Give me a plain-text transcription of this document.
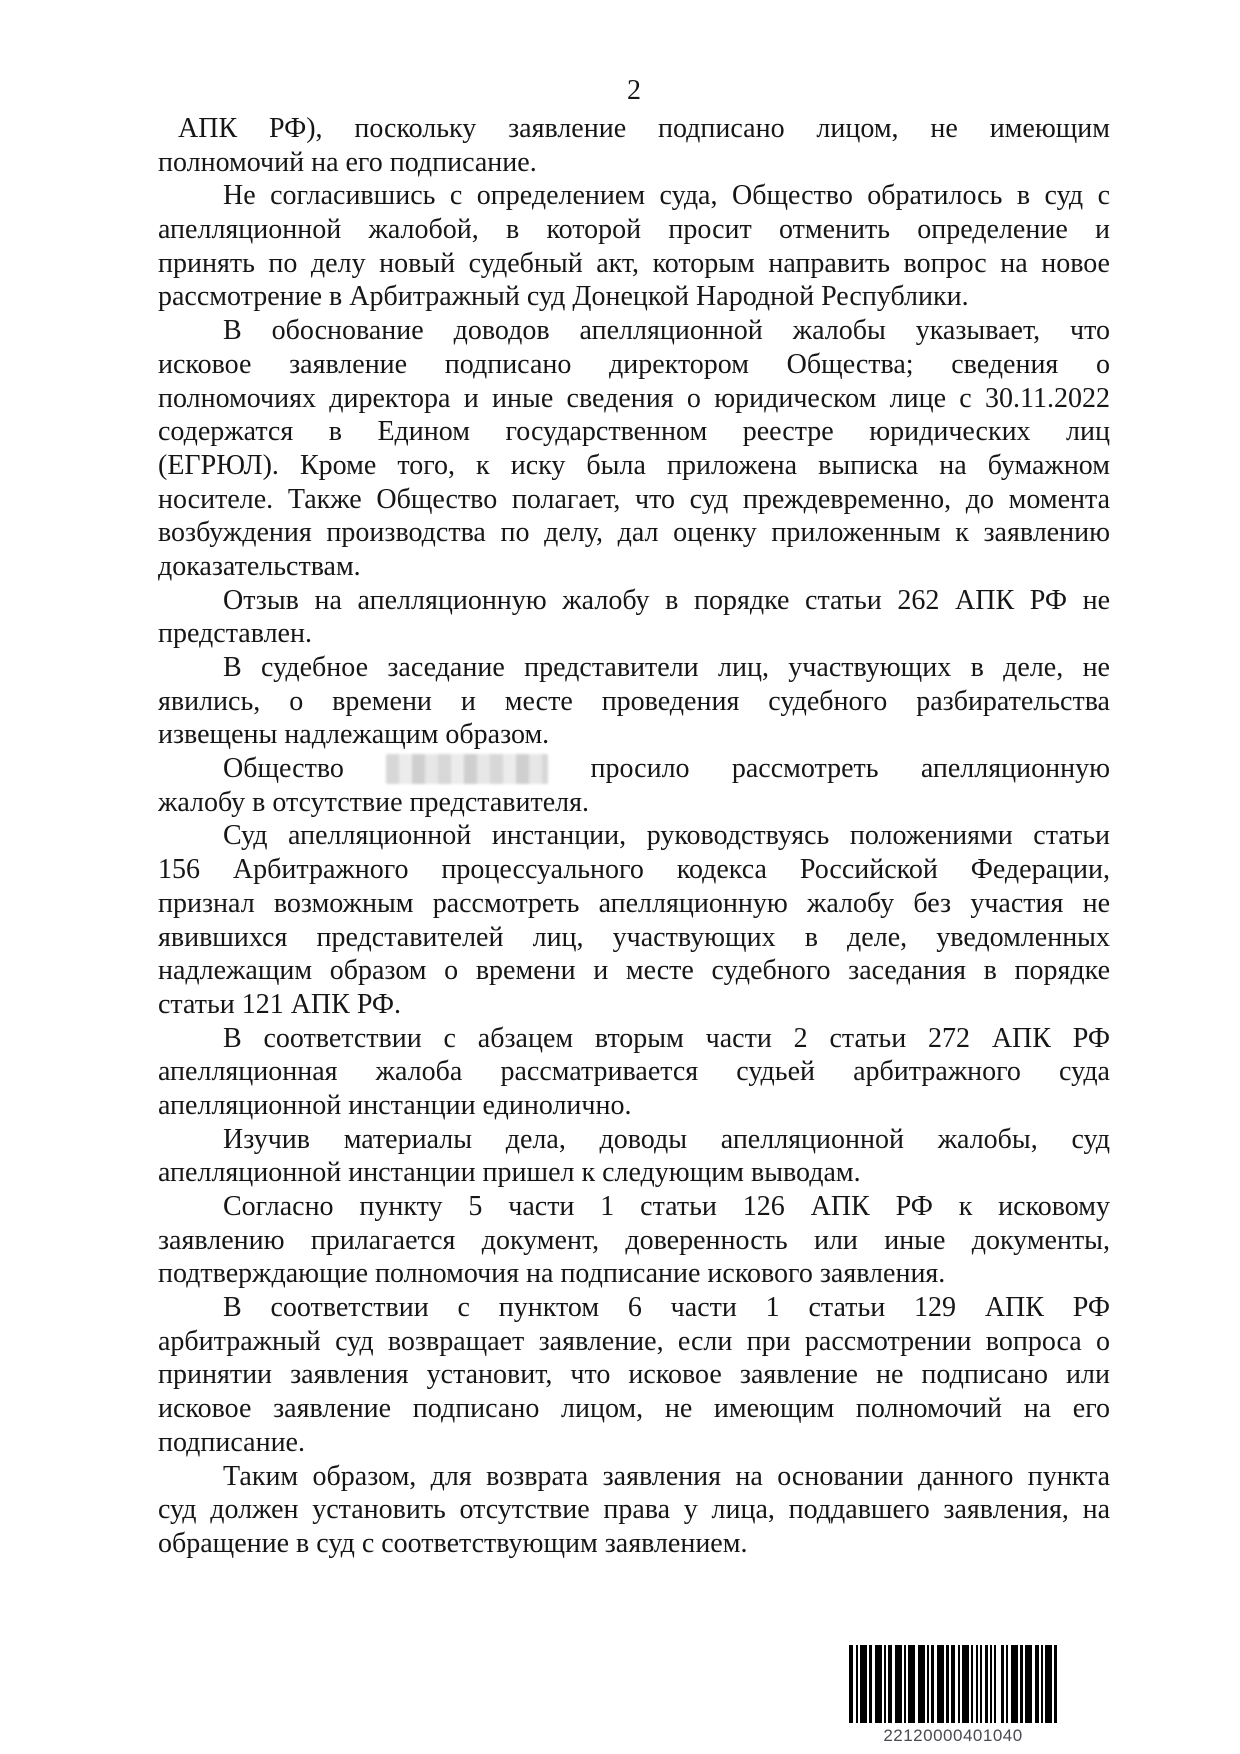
2
АПК РФ), поскольку заявление подписано лицом, не имеющим
полномочий на его подписание.
Не согласившись с определением суда, Общество обратилось в суд с
апелляционной жалобой, в которой просит отменить определение и
принять по делу новый судебный акт, которым направить вопрос на новое
рассмотрение в Арбитражный суд Донецкой Народной Республики.
В обоснование доводов апелляционной жалобы указывает, что
исковое заявление подписано директором Общества; сведения о
полномочиях директора и иные сведения о юридическом лице с 30.11.2022
содержатся в Едином государственном реестре юридических лиц
(ЕГРЮЛ). Кроме того, к иску была приложена выписка на бумажном
носителе. Также Общество полагает, что суд преждевременно, до момента
возбуждения производства по делу, дал оценку приложенным к заявлению
доказательствам.
Отзыв на апелляционную жалобу в порядке статьи 262 АПК РФ не
представлен.
В судебное заседание представители лиц, участвующих в деле, не
явились, о времени и месте проведения судебного разбирательства
извещены надлежащим образом.
Общество	просило рассмотреть апелляционную
жалобу в отсутствие представителя.
Суд апелляционной инстанции, руководствуясь положениями статьи
156 Арбитражного процессуального кодекса Российской Федерации,
признал возможным рассмотреть апелляционную жалобу без участия не
явившихся представителей лиц, участвующих в деле, уведомленных
надлежащим образом о времени и месте судебного заседания в порядке
статьи 121 АПК РФ.
В соответствии с абзацем вторым части 2 статьи 272 АПК РФ
апелляционная жалоба рассматривается судьей арбитражного суда
апелляционной инстанции единолично.
Изучив материалы дела, доводы апелляционной жалобы, суд
апелляционной инстанции пришел к следующим выводам.
Согласно пункту 5 части 1 статьи 126 АПК РФ к исковому
заявлению прилагается документ, доверенность или иные документы,
подтверждающие полномочия на подписание искового заявления.
В соответствии с пунктом 6 части 1 статьи 129 АПК РФ
арбитражный суд возвращает заявление, если при рассмотрении вопроса о
принятии заявления установит, что исковое заявление не подписано или
исковое заявление подписано лицом, не имеющим полномочий на его
подписание.
Таким образом, для возврата заявления на основании данного пункта
суд должен установить отсутствие права у лица, поддавшего заявления, на
обращение в суд с соответствующим заявлением.
22120000401040
